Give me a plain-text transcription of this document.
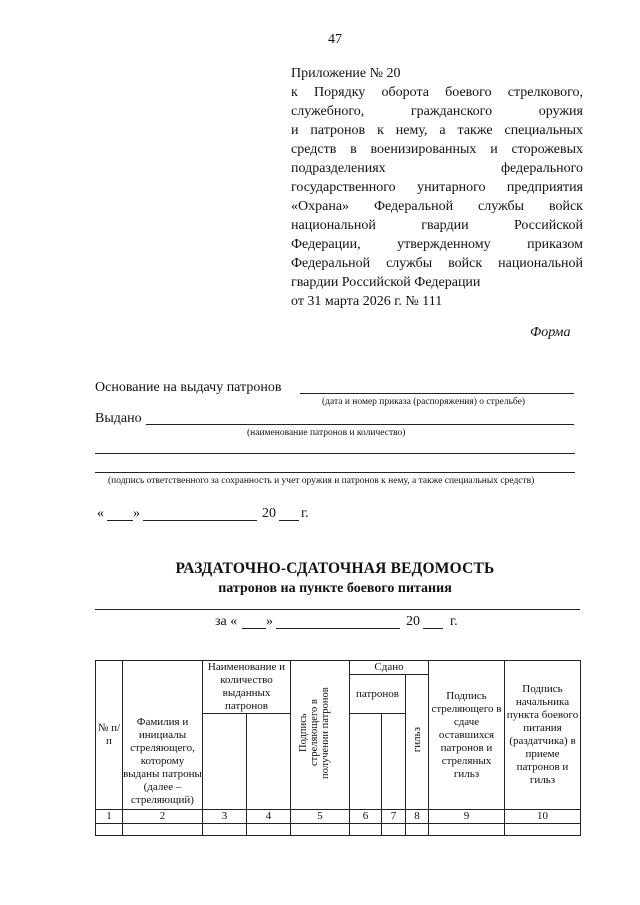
47
Приложение № 20
к Порядку оборота боевого стрелкового,
служебного, гражданского оружия
и патронов к нему, а также специальных
средств в военизированных и сторожевых
подразделениях федерального
государственного унитарного предприятия
«Охрана» Федеральной службы войск
национальной гвардии Российской
Федерации, утвержденному приказом
Федеральной службы войск национальной
гвардии Российской Федерации
от 31 марта 2026 г. № 111
Форма
Основание на выдачу патронов
(дата и номер приказа (распоряжения) о стрельбе)
Выдано
(наименование патронов и количество)
(подпись ответственного за сохранность и учет оружия и патронов к нему, а также специальных средств)
« »	20 г.
РАЗДАТОЧНО-СДАТОЧНАЯ ВЕДОМОСТЬ
патронов на пункте боевого питания
за « »	20 г.
№ п/п	Фамилия и инициалы стреляющего, которому выданы патроны (далее – стреляющий)	Наименование и количество выданных патронов		Подпись стреляющего в получении патронов	Сдано			Подпись стреляющего в сдаче оставшихся патронов и стреляных гильз	Подпись начальника пункта боевого питания (раздатчика) в приеме патронов и гильз
					патронов		гильз		

1	2	3	4	5	6	7	8	9	10
